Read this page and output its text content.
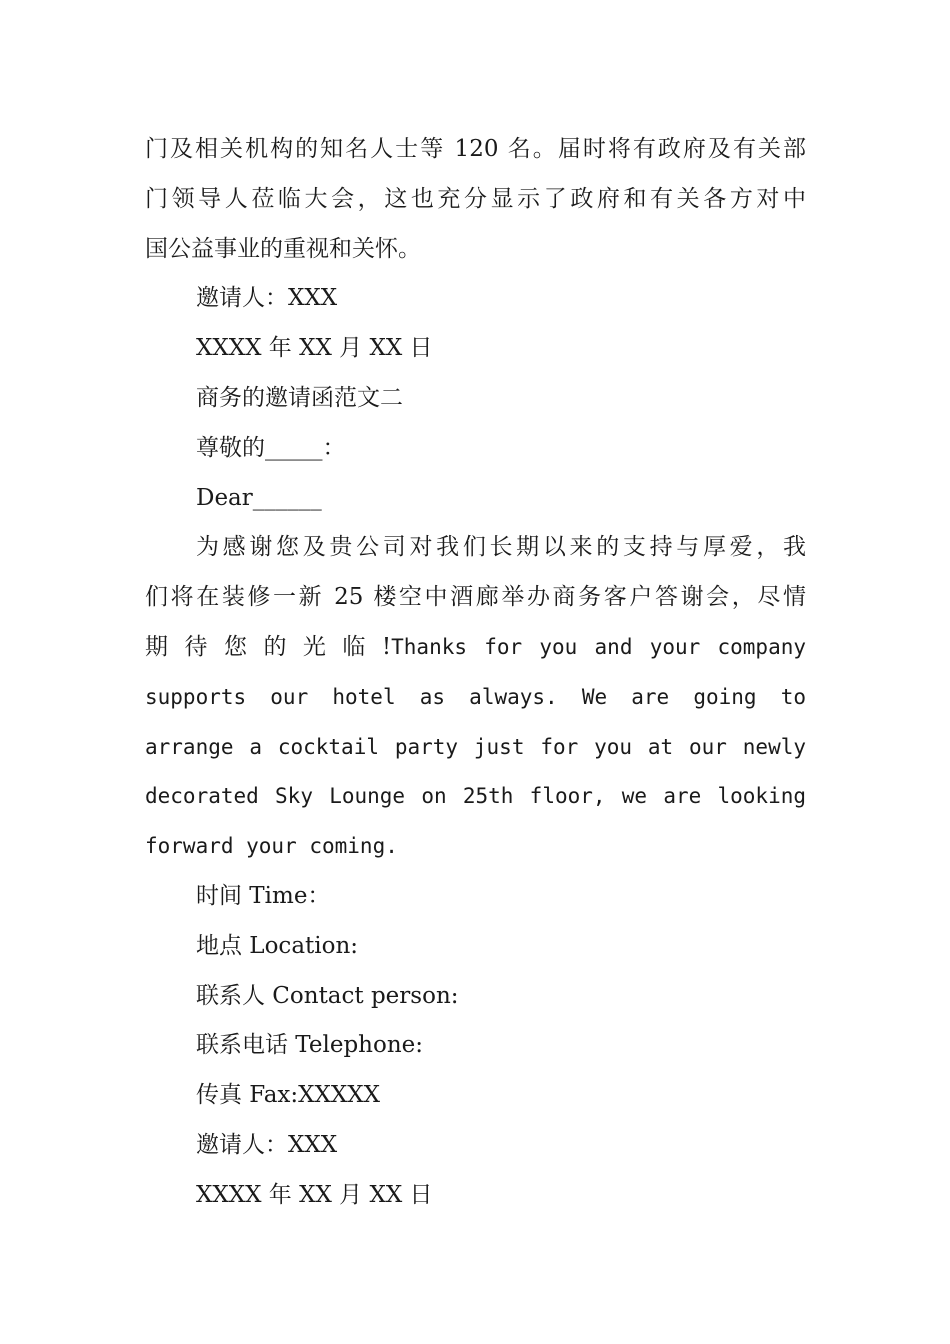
门及相关机构的知名人士等 120 名。届时将有政府及有关部
门领导人莅临大会，这也充分显示了政府和有关各方对中
国公益事业的重视和关怀。
邀请人：XXX
XXXX 年 XX 月 XX 日
商务的邀请函范文二
尊敬的_____：
Dear______
为感谢您及贵公司对我们长期以来的支持与厚爱，我
们将在装修一新 25 楼空中酒廊举办商务客户答谢会，尽情
期 待 您 的 光 临 !Thanks for you and your company
supports our hotel as always. We are going to
arrange a cocktail party just for you at our newly
decorated Sky Lounge on 25th floor, we are looking
forward your coming.
时间 Time：
地点 Location:
联系人 Contact person:
联系电话 Telephone:
传真 Fax:XXXXX
邀请人：XXX
XXXX 年 XX 月 XX 日
